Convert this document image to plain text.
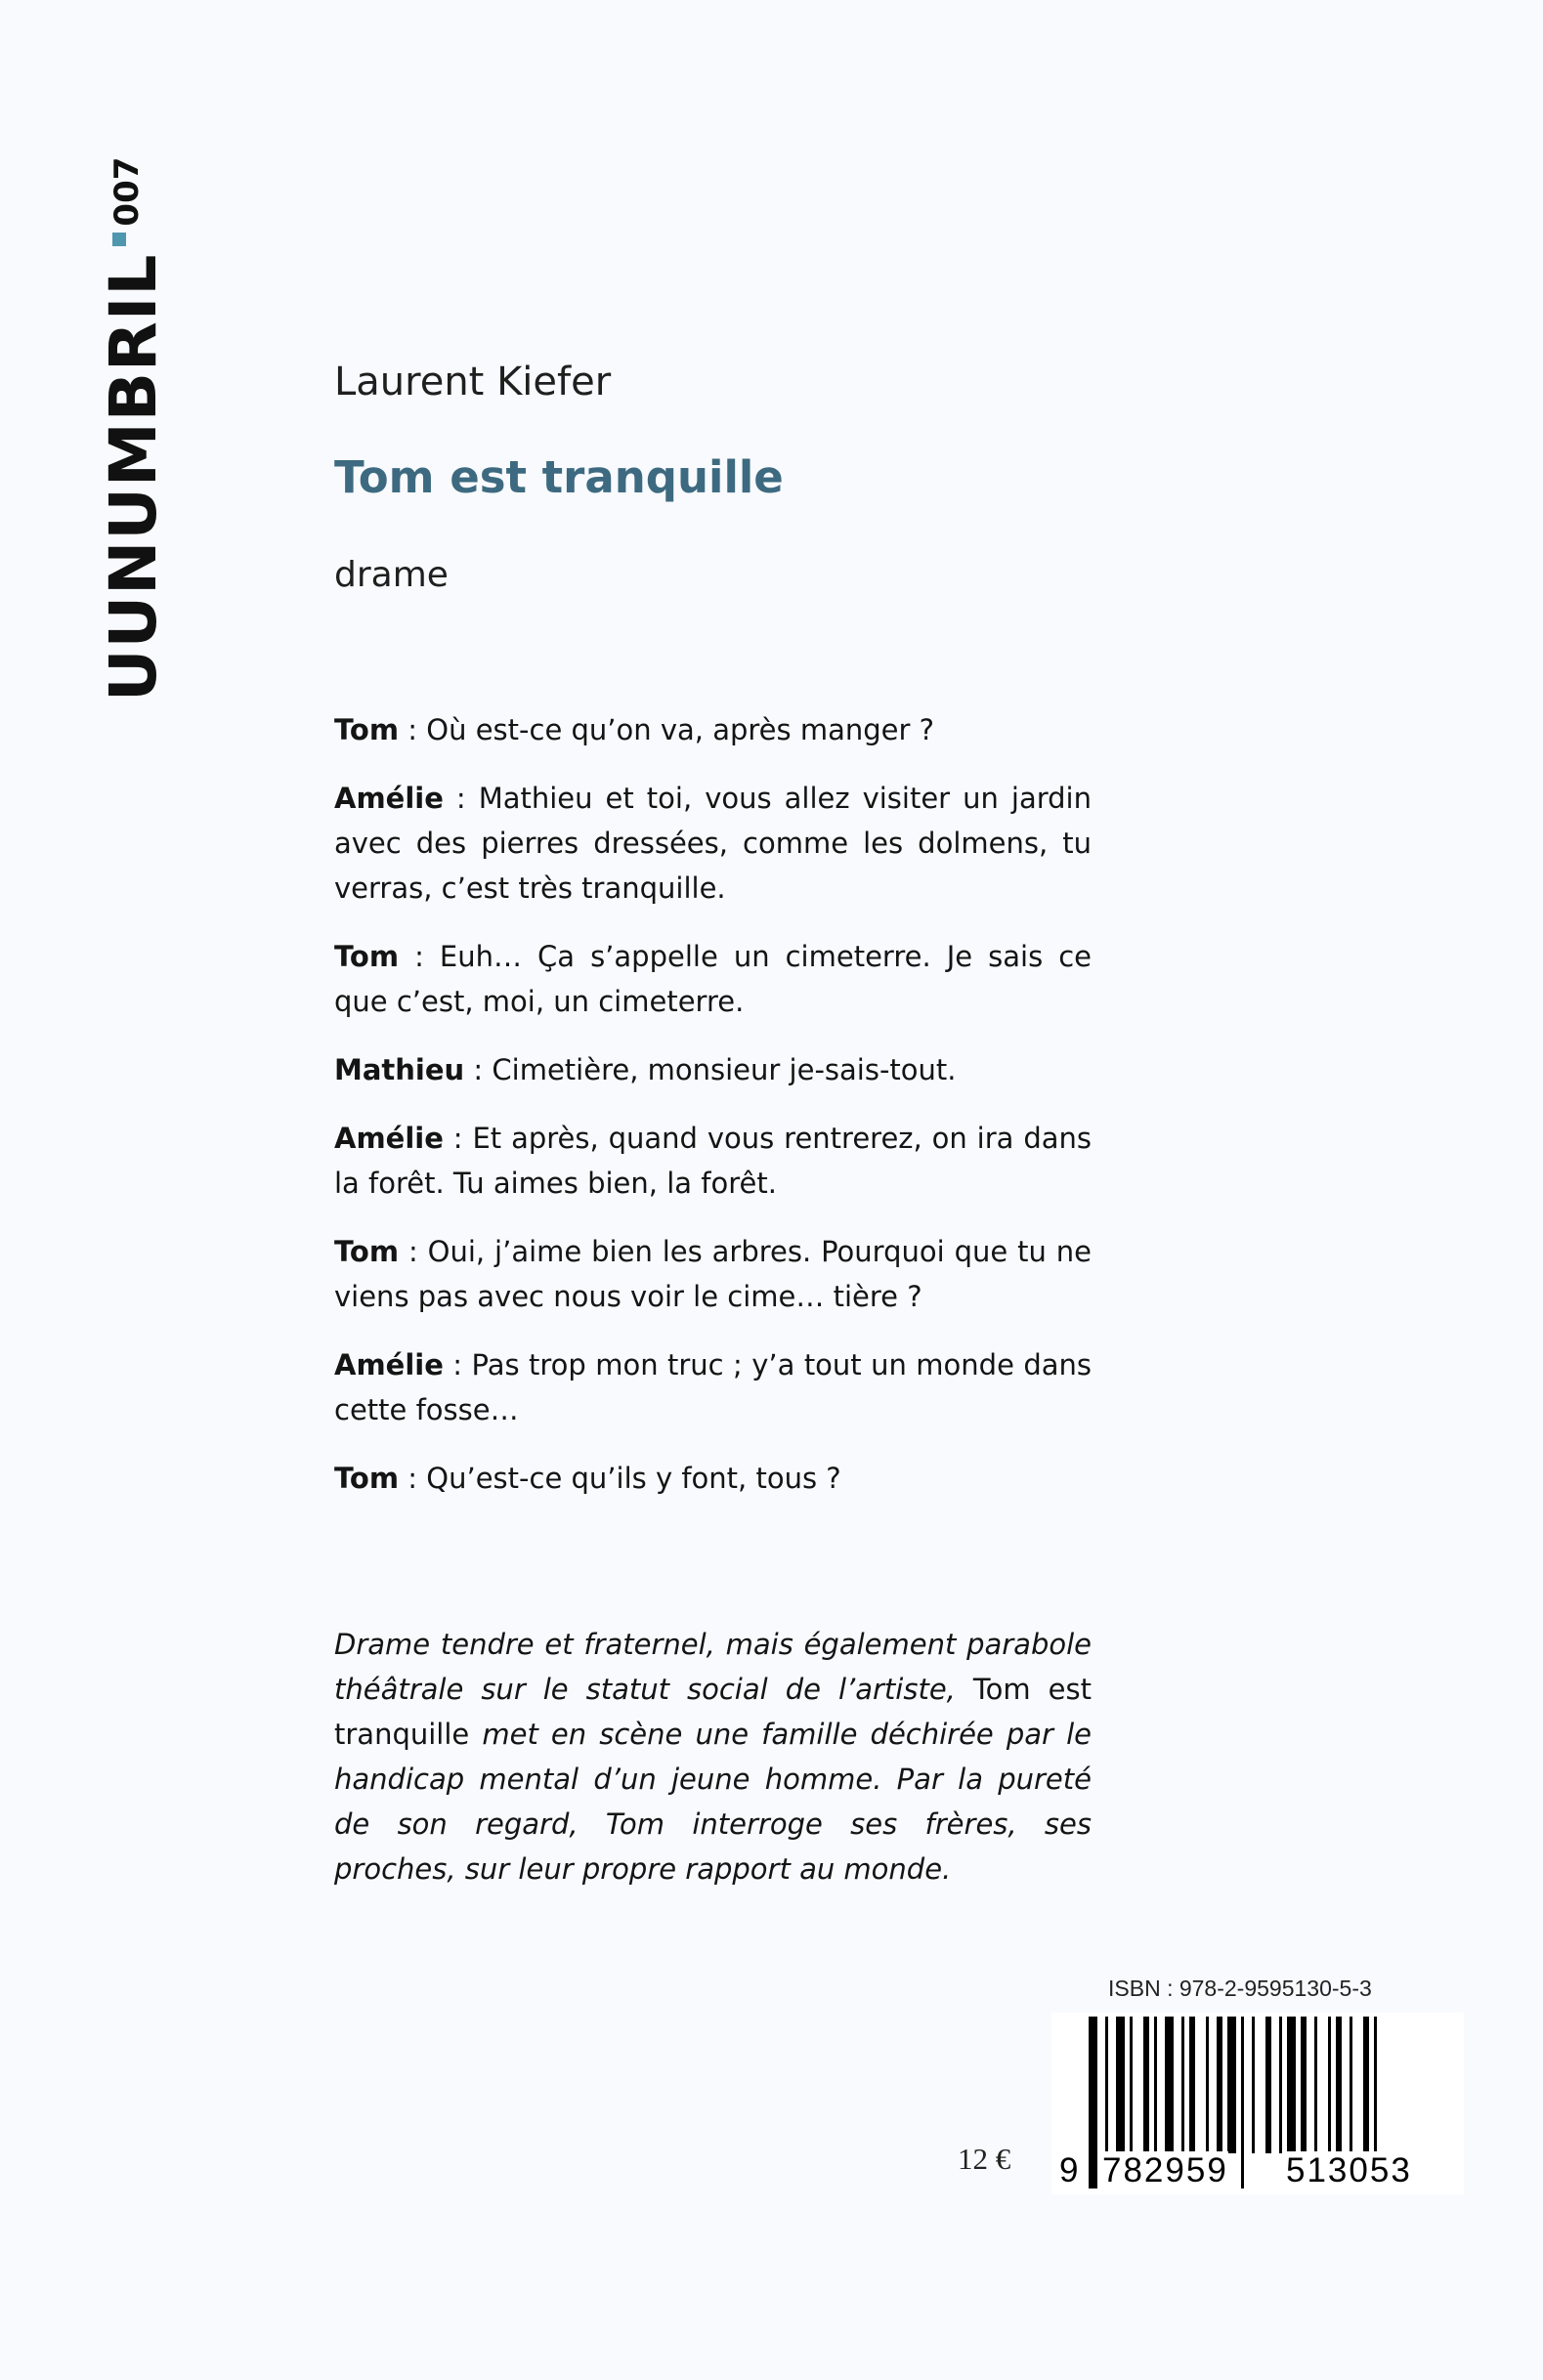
UUNUMBRIL007
Laurent Kiefer
Tom est tranquille
drame

Tom : Où est-ce qu’on va, après manger ?

Amélie : Mathieu et toi, vous allez visiter un jardin avec des pierres dressées, comme les dolmens, tu verras, c’est très tranquille.

Tom : Euh… Ça s’appelle un cimeterre. Je sais ce que c’est, moi, un cimeterre.

Mathieu : Cimetière, monsieur je-sais-tout.

Amélie : Et après, quand vous rentrerez, on ira dans la forêt. Tu aimes bien, la forêt.

Tom : Oui, j’aime bien les arbres. Pourquoi que tu ne viens pas avec nous voir le cime… tière ?

Amélie : Pas trop mon truc ; y’a tout un monde dans cette fosse…

Tom : Qu’est-ce qu’ils y font, tous ?

Drame tendre et fraternel, mais également parabole théâtrale sur le statut social de l’artiste, Tom est tranquille met en scène une famille déchirée par le handicap mental d’un jeune homme. Par la pureté de son regard, Tom interroge ses frères, ses proches, sur leur propre rapport au monde.
ISBN : 978-2-9595130-5-3
12 € 9 782959 513053
